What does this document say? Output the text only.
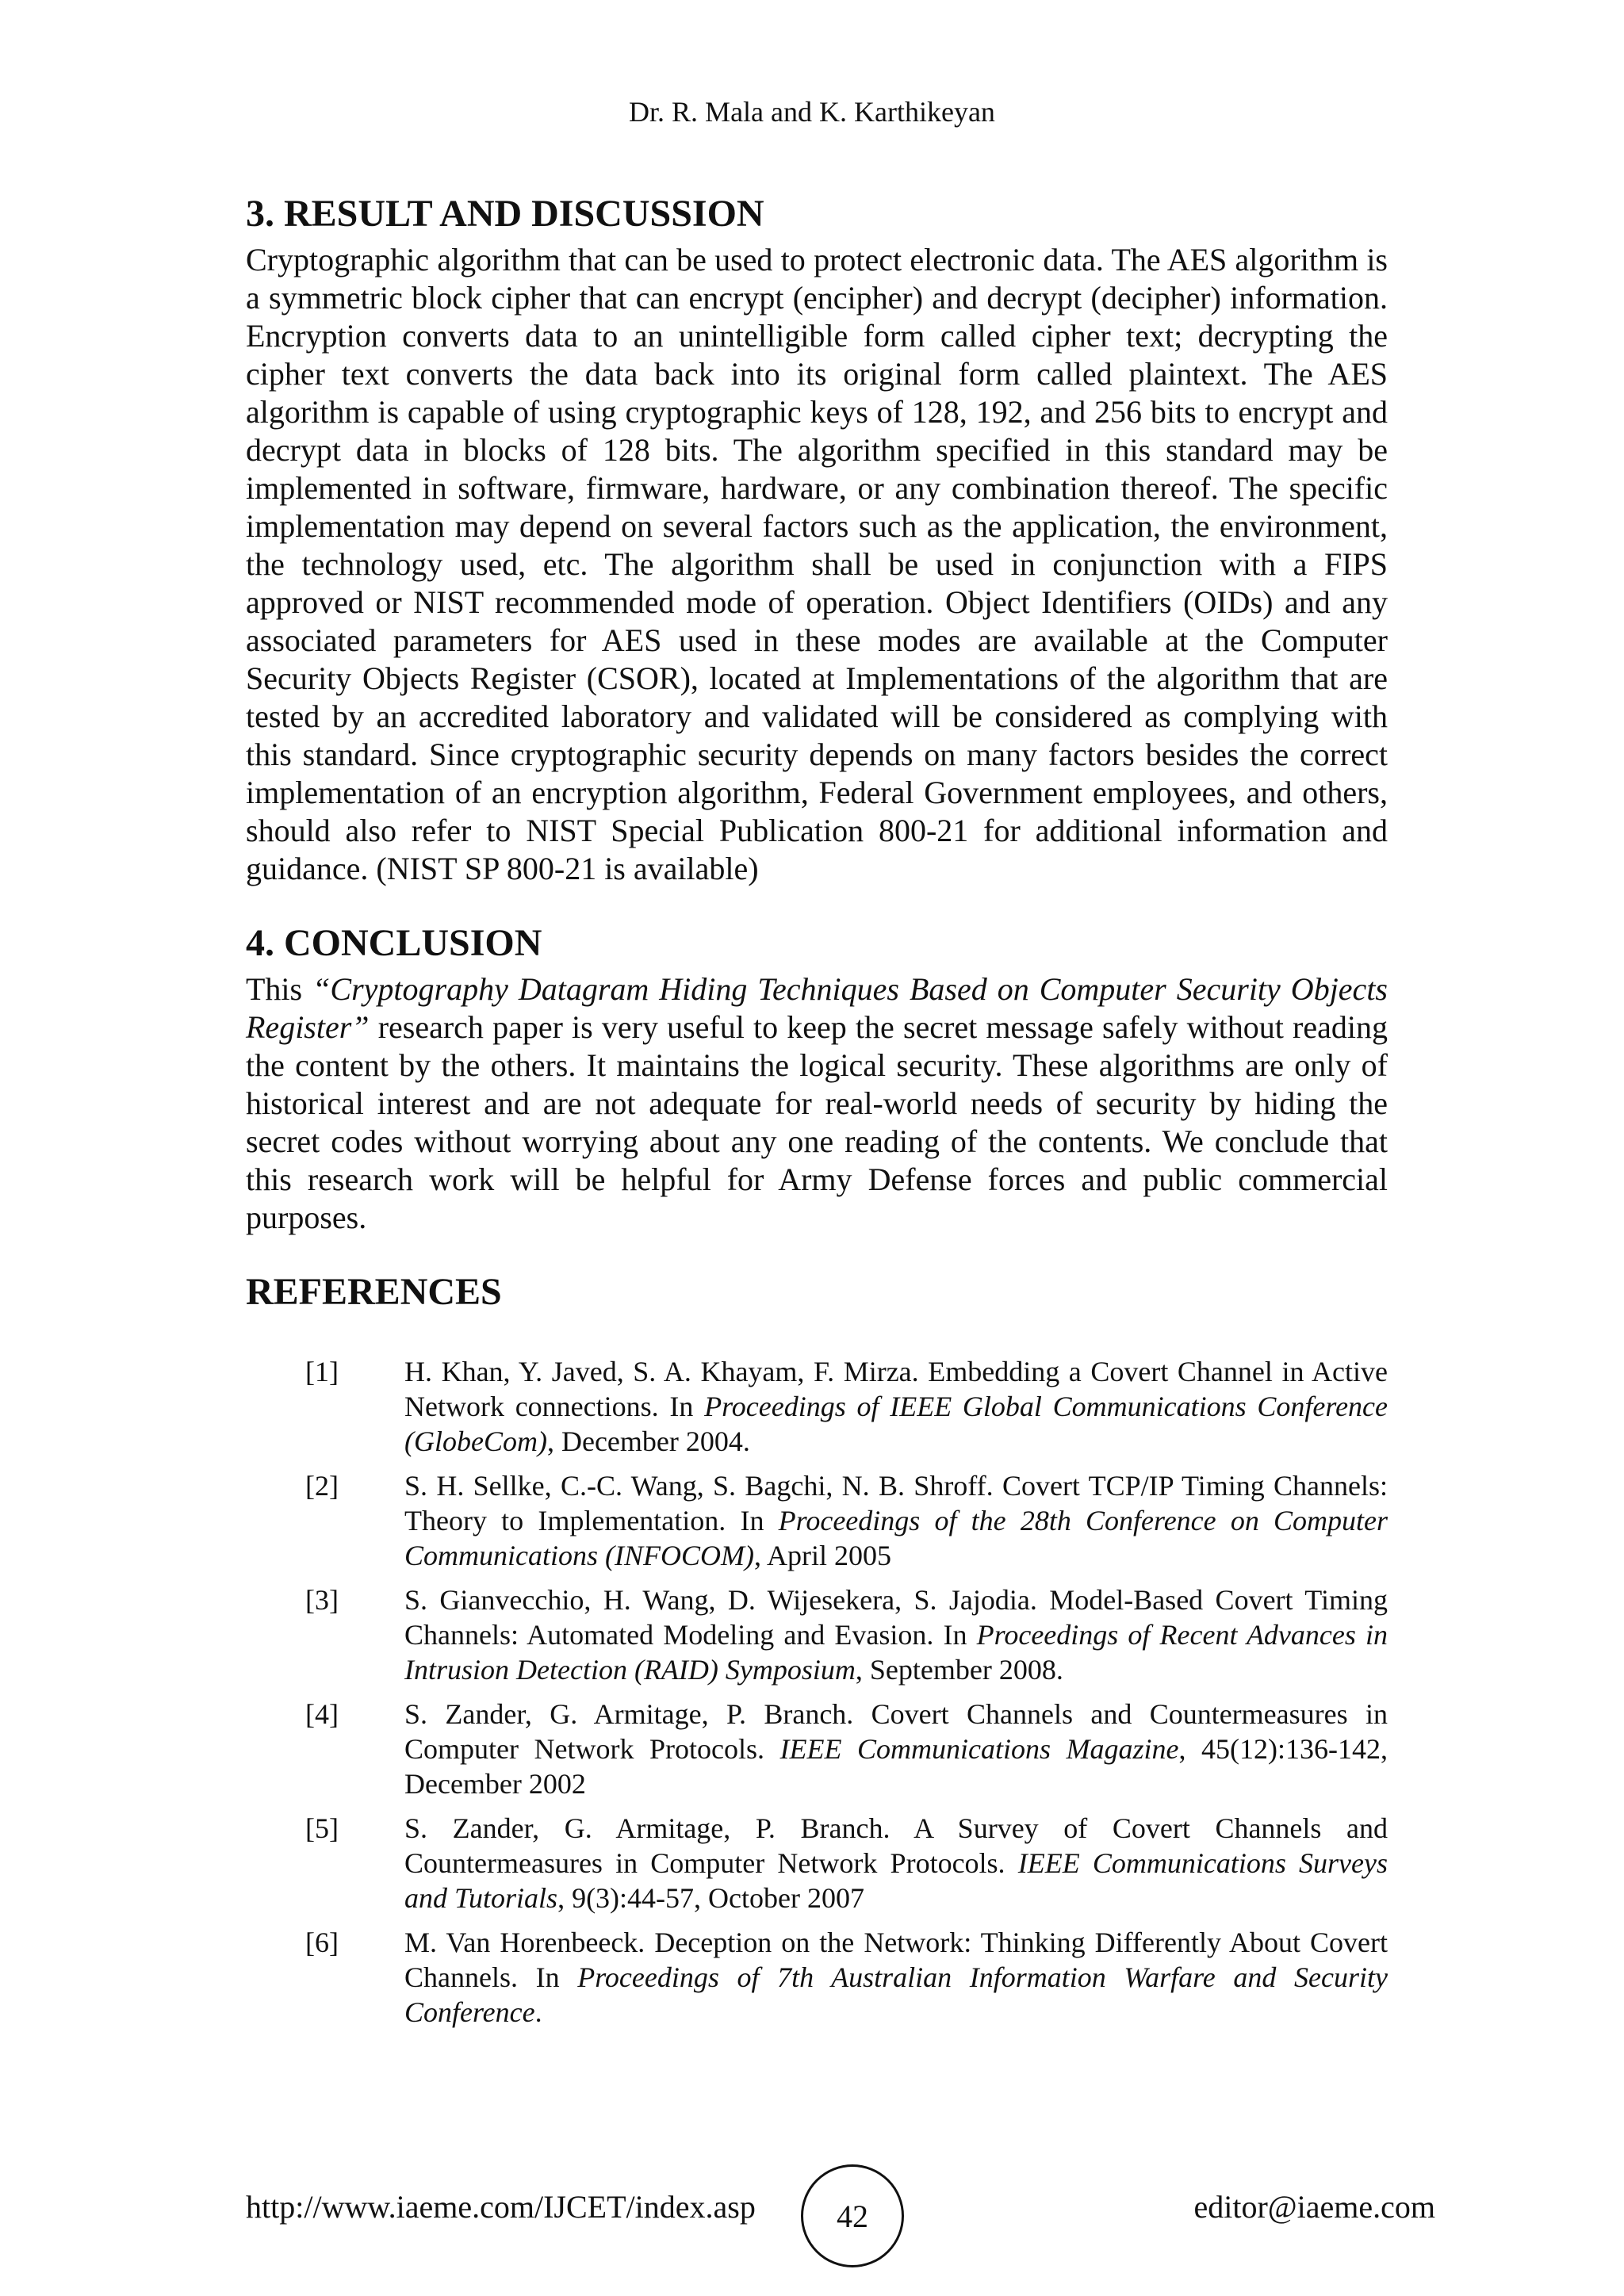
Dr. R. Mala and K. Karthikeyan
3. RESULT AND DISCUSSION

Cryptographic algorithm that can be used to protect electronic data. The AES algorithm is a symmetric block cipher that can encrypt (encipher) and decrypt (decipher) information. Encryption converts data to an unintelligible form called cipher text; decrypting the cipher text converts the data back into its original form called plaintext. The AES algorithm is capable of using cryptographic keys of 128, 192, and 256 bits to encrypt and decrypt data in blocks of 128 bits. The algorithm specified in this standard may be implemented in software, firmware, hardware, or any combination thereof. The specific implementation may depend on several factors such as the application, the environment, the technology used, etc. The algorithm shall be used in conjunction with a FIPS approved or NIST recommended mode of operation. Object Identifiers (OIDs) and any associated parameters for AES used in these modes are available at the Computer Security Objects Register (CSOR), located at Implementations of the algorithm that are tested by an accredited laboratory and validated will be considered as complying with this standard. Since cryptographic security depends on many factors besides the correct implementation of an encryption algorithm, Federal Government employees, and others, should also refer to NIST Special Publication 800-21 for additional information and guidance. (NIST SP 800-21 is available)

4. CONCLUSION

This “Cryptography Datagram Hiding Techniques Based on Computer Security Objects Register” research paper is very useful to keep the secret message safely without reading the content by the others. It maintains the logical security. These algorithms are only of historical interest and are not adequate for real-world needs of security by hiding the secret codes without worrying about any one reading of the contents. We conclude that this research work will be helpful for Army Defense forces and public commercial purposes.

REFERENCES
[1]	H. Khan, Y. Javed, S. A. Khayam, F. Mirza. Embedding a Covert Channel in Active Network connections. In Proceedings of IEEE Global Communications Conference (GlobeCom), December 2004.
[2]	S. H. Sellke, C.-C. Wang, S. Bagchi, N. B. Shroff. Covert TCP/IP Timing Channels: Theory to Implementation. In Proceedings of the 28th Conference on Computer Communications (INFOCOM), April 2005
[3]	S. Gianvecchio, H. Wang, D. Wijesekera, S. Jajodia. Model-Based Covert Timing Channels: Automated Modeling and Evasion. In Proceedings of Recent Advances in Intrusion Detection (RAID) Symposium, September 2008.
[4]	S. Zander, G. Armitage, P. Branch. Covert Channels and Countermeasures in Computer Network Protocols. IEEE Communications Magazine, 45(12):136-142, December 2002
[5]	S. Zander, G. Armitage, P. Branch. A Survey of Covert Channels and Countermeasures in Computer Network Protocols. IEEE Communications Surveys and Tutorials, 9(3):44-57, October 2007
[6]	M. Van Horenbeeck. Deception on the Network: Thinking Differently About Covert Channels. In Proceedings of 7th Australian Information Warfare and Security Conference.
http://www.iaeme.com/IJCET/index.asp	42	editor@iaeme.com
